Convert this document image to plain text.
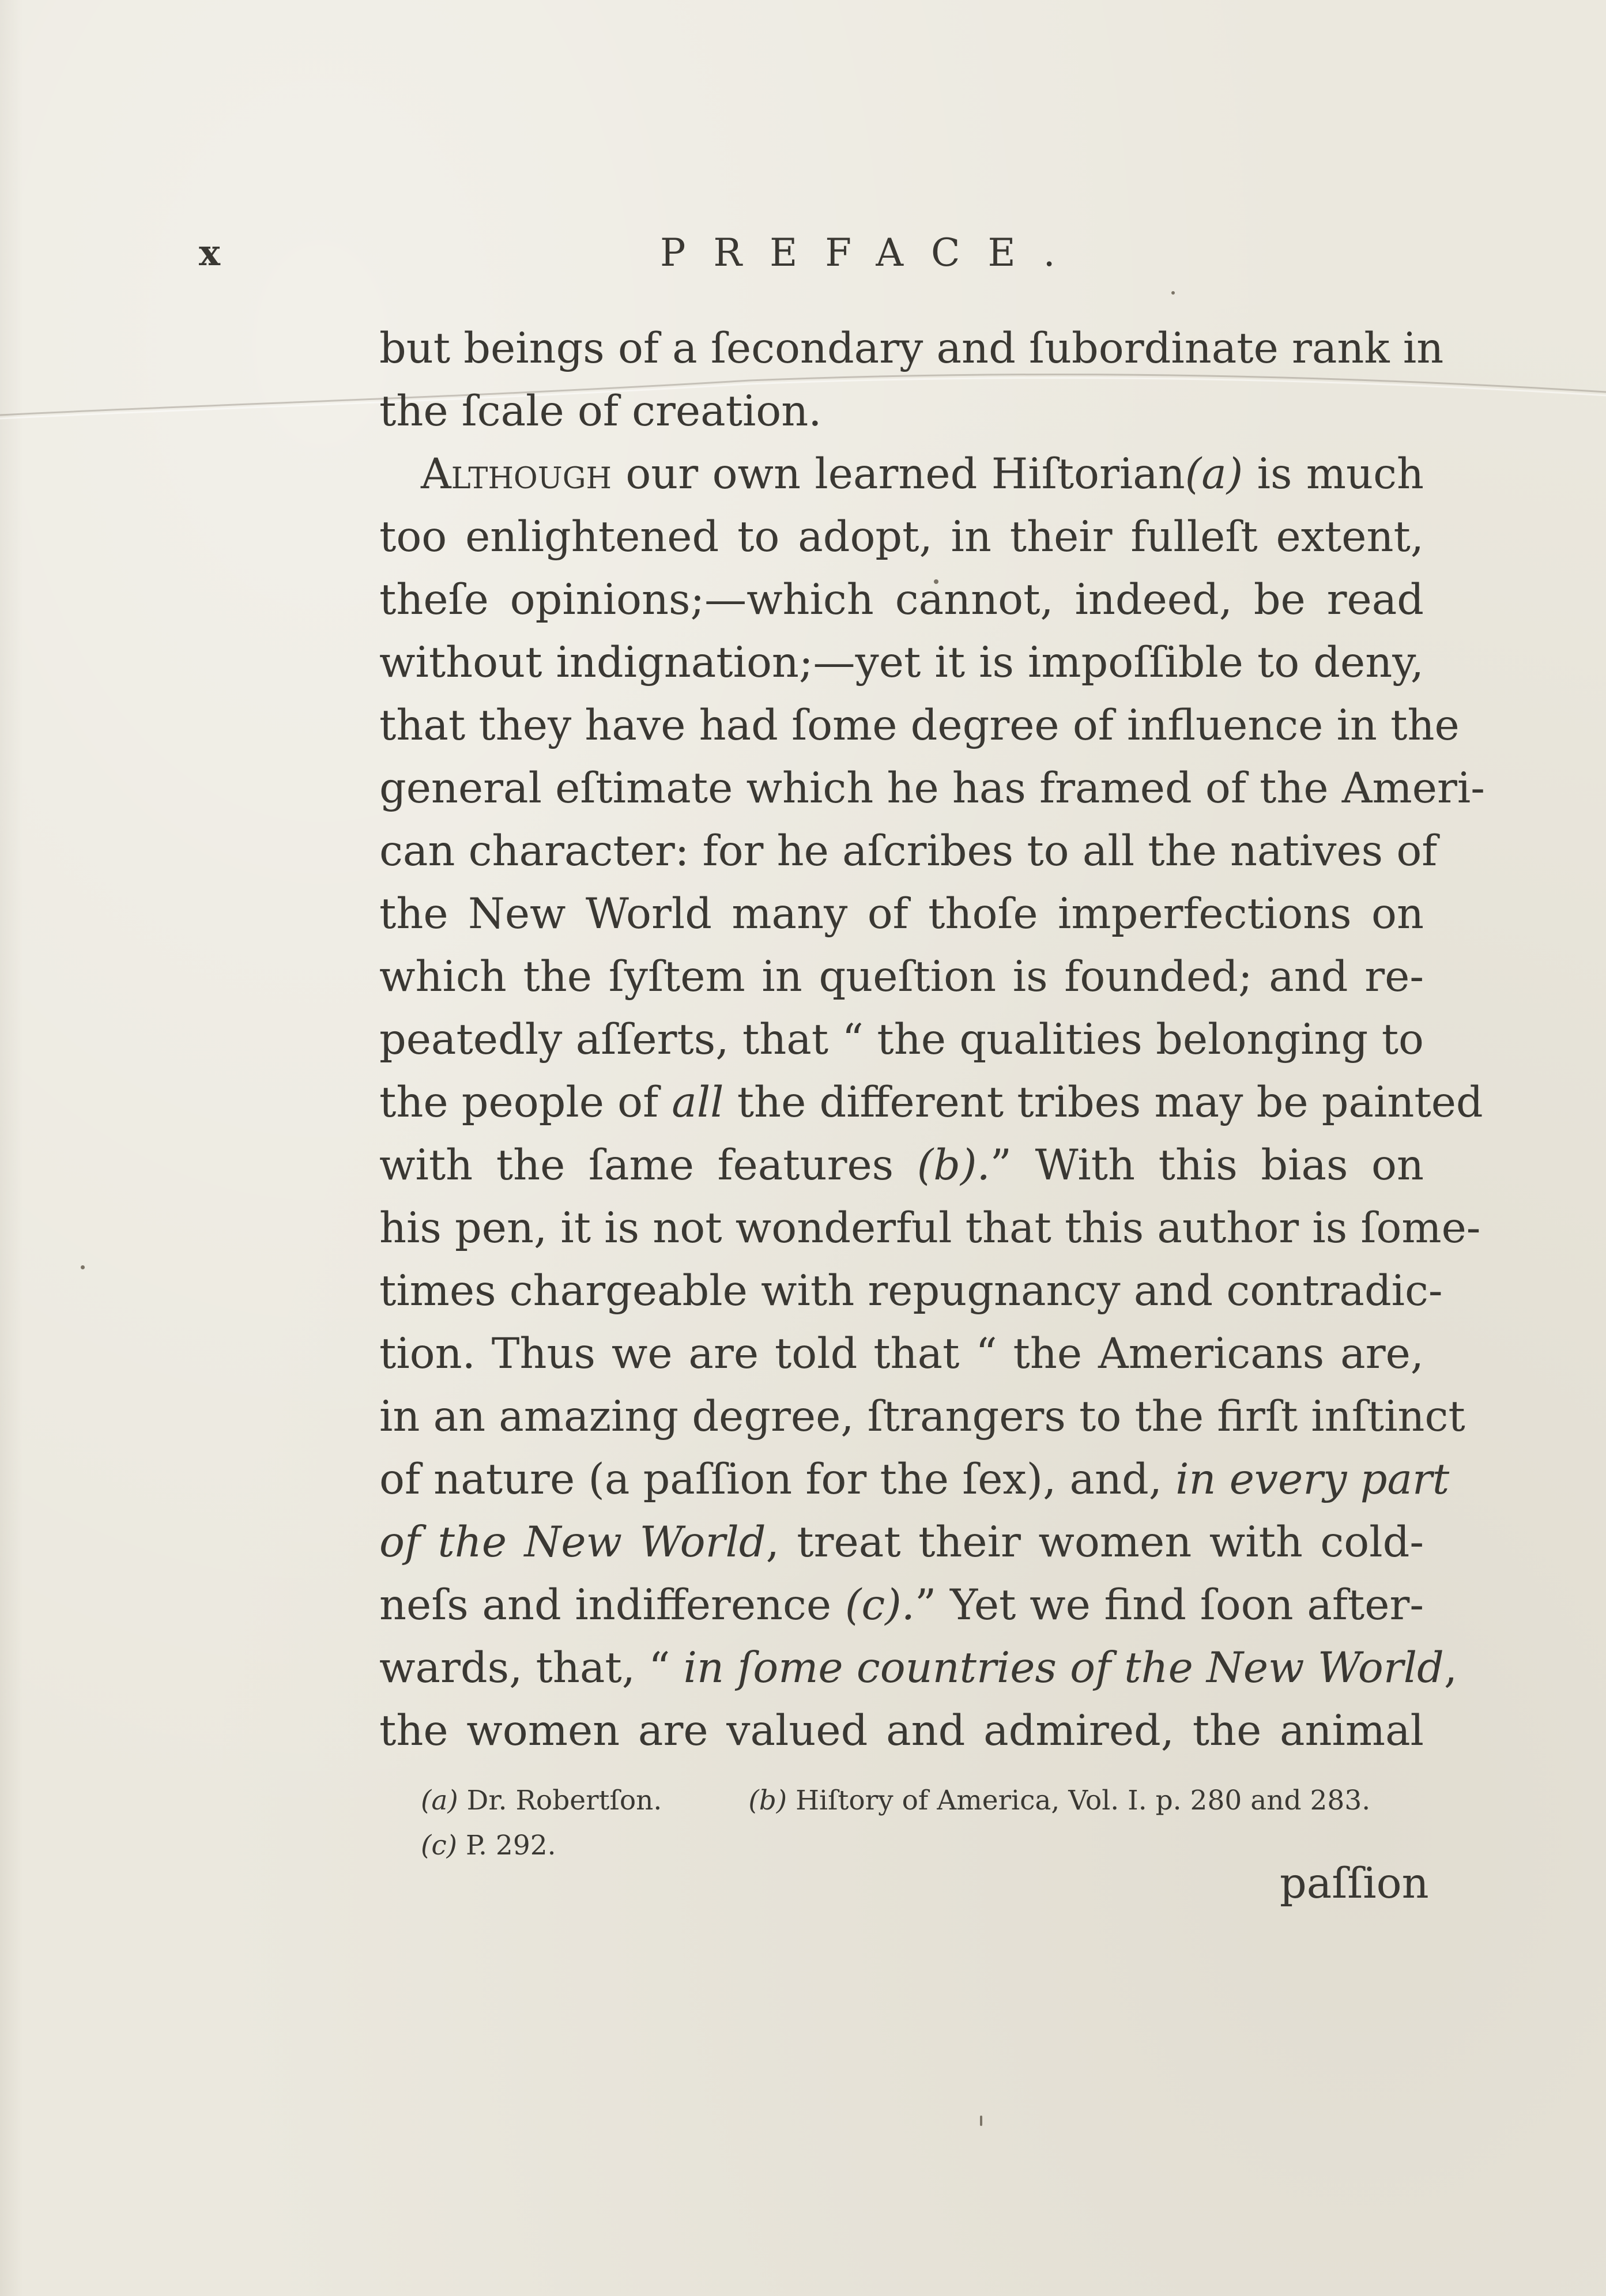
x	PREFACE.
but beings of a ſecondary and ſubordinate rank in
the ſcale of creation.
Although our own learned Hiſtorian(a) is much
too enlightened to adopt, in their fulleſt extent,
theſe opinions;—which cannot, indeed, be read
without indignation;—yet it is impoſſible to deny,
that they have had ſome degree of influence in the
general eſtimate which he has framed of the Ameri-
can character: for he aſcribes to all the natives of
the New World many of thoſe imperfections on
which the ſyſtem in queſtion is founded; and re-
peatedly aſſerts, that “ the qualities belonging to
the people of all the different tribes may be painted
with the ſame features (b).” With this bias on
his pen, it is not wonderful that this author is ſome-
times chargeable with repugnancy and contradic-
tion. Thus we are told that “ the Americans are,
in an amazing degree, ſtrangers to the firſt inſtinct
of nature (a paſſion for the ſex), and, in every part
of the New World, treat their women with cold-
neſs and indifference (c).” Yet we find ſoon after-
wards, that, “ in ſome countries of the New World,
the women are valued and admired, the animal
(a) Dr. Robertſon.	(b) Hiſtory of America, Vol. I. p. 280 and 283.
(c) P. 292.
paſſion
